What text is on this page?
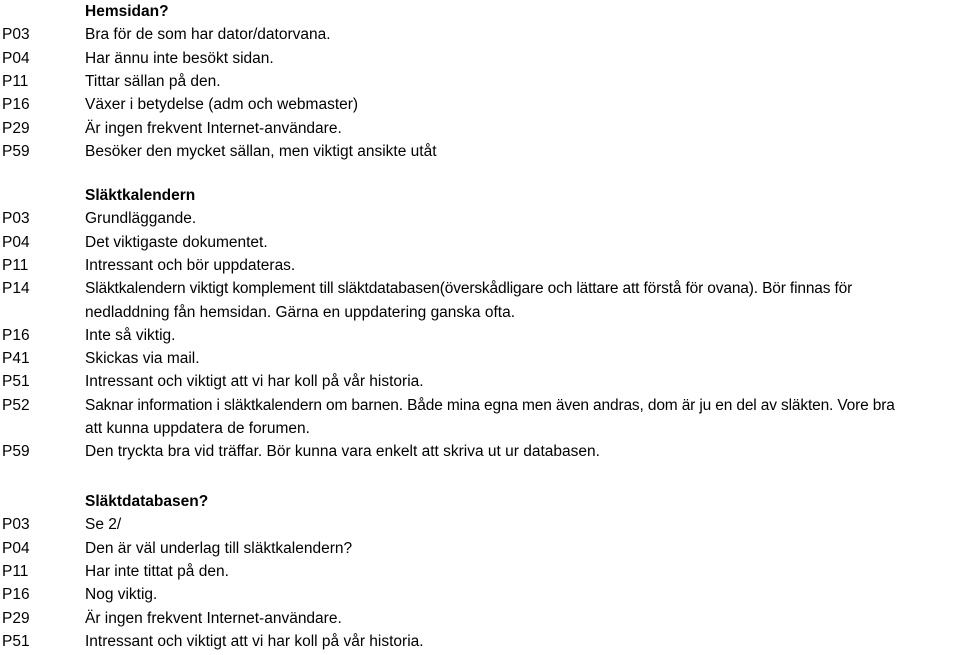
Hemsidan?
P03	Bra för de som har dator/datorvana.
P04	Har ännu inte besökt sidan.
P11	Tittar sällan på den.
P16	Växer i betydelse (adm och webmaster)
P29	Är ingen frekvent Internet-användare.
P59	Besöker den mycket sällan, men viktigt ansikte utåt
Släktkalendern
P03	Grundläggande.
P04	Det viktigaste dokumentet.
P11	Intressant och bör uppdateras.
P14	Släktkalendern viktigt komplement till släktdatabasen(överskådligare och lättare att förstå för ovana). Bör finnas för
nedladdning fån hemsidan. Gärna en uppdatering ganska ofta.
P16	Inte så viktig.
P41	Skickas via mail.
P51	Intressant och viktigt att vi har koll på vår historia.
P52	Saknar information i släktkalendern om barnen. Både mina egna men även andras, dom är ju en del av släkten. Vore bra
att kunna uppdatera de forumen.
P59	Den tryckta bra vid träffar. Bör kunna vara enkelt att skriva ut ur databasen.
Släktdatabasen?
P03	Se 2/
P04	Den är väl underlag till släktkalendern?
P11	Har inte tittat på den.
P16	Nog viktig.
P29	Är ingen frekvent Internet-användare.
P51	Intressant och viktigt att vi har koll på vår historia.
